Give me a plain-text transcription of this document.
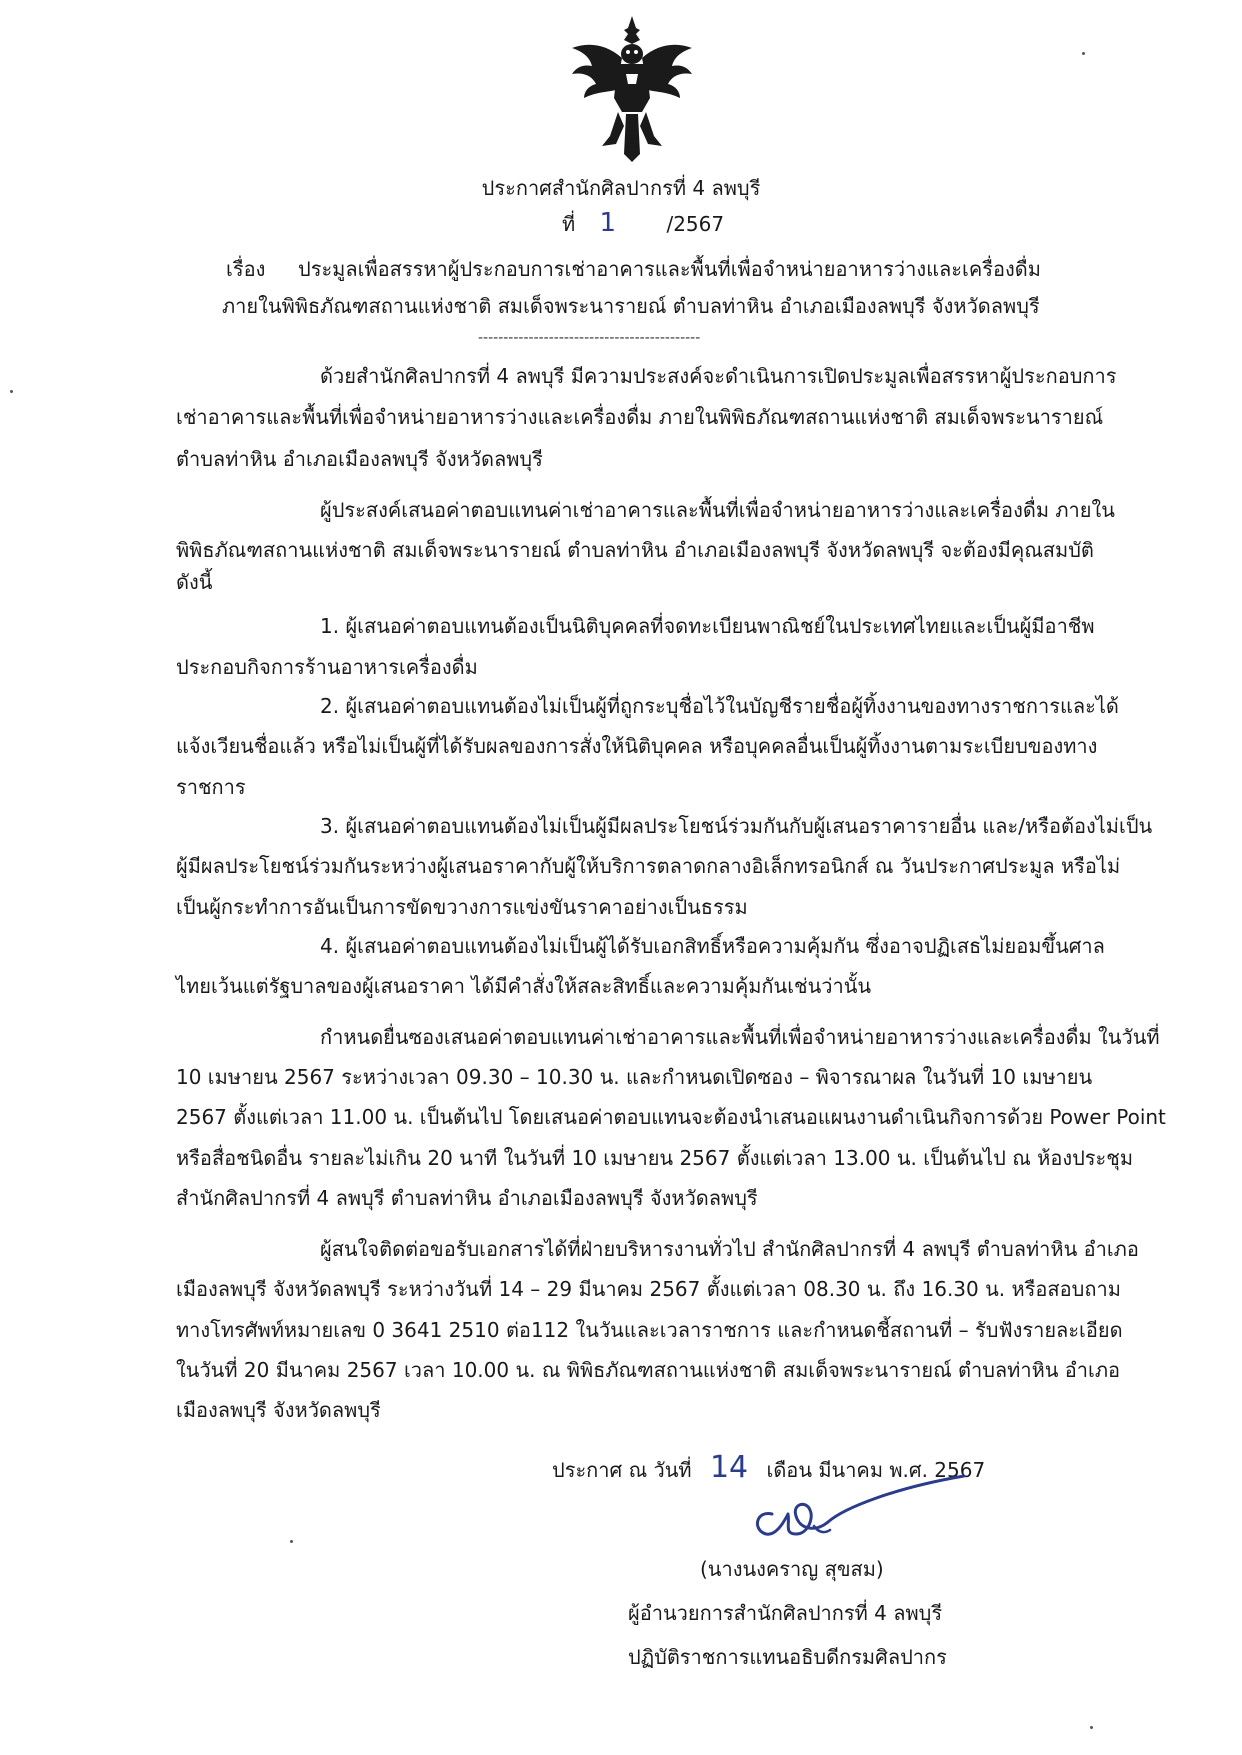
ประกาศสำนักศิลปากรที่ 4 ลพบุรี
ที่ 1	/2567
เรื่อง ประมูลเพื่อสรรหาผู้ประกอบการเช่าอาคารและพื้นที่เพื่อจำหน่ายอาหารว่างและเครื่องดื่ม
ภายในพิพิธภัณฑสถานแห่งชาติ สมเด็จพระนารายณ์ ตำบลท่าหิน อำเภอเมืองลพบุรี จังหวัดลพบุรี
--------------------------------------------
ด้วยสำนักศิลปากรที่ 4 ลพบุรี มีความประสงค์จะดำเนินการเปิดประมูลเพื่อสรรหาผู้ประกอบการ
เช่าอาคารและพื้นที่เพื่อจำหน่ายอาหารว่างและเครื่องดื่ม ภายในพิพิธภัณฑสถานแห่งชาติ สมเด็จพระนารายณ์
ตำบลท่าหิน อำเภอเมืองลพบุรี จังหวัดลพบุรี
ผู้ประสงค์เสนอค่าตอบแทนค่าเช่าอาคารและพื้นที่เพื่อจำหน่ายอาหารว่างและเครื่องดื่ม ภายใน
พิพิธภัณฑสถานแห่งชาติ สมเด็จพระนารายณ์ ตำบลท่าหิน อำเภอเมืองลพบุรี จังหวัดลพบุรี จะต้องมีคุณสมบัติ
ดังนี้
1. ผู้เสนอค่าตอบแทนต้องเป็นนิติบุคคลที่จดทะเบียนพาณิชย์ในประเทศไทยและเป็นผู้มีอาชีพ
ประกอบกิจการร้านอาหารเครื่องดื่ม
2. ผู้เสนอค่าตอบแทนต้องไม่เป็นผู้ที่ถูกระบุชื่อไว้ในบัญชีรายชื่อผู้ทิ้งงานของทางราชการและได้
แจ้งเวียนชื่อแล้ว หรือไม่เป็นผู้ที่ได้รับผลของการสั่งให้นิติบุคคล หรือบุคคลอื่นเป็นผู้ทิ้งงานตามระเบียบของทาง
ราชการ
3. ผู้เสนอค่าตอบแทนต้องไม่เป็นผู้มีผลประโยชน์ร่วมกันกับผู้เสนอราคารายอื่น และ/หรือต้องไม่เป็น
ผู้มีผลประโยชน์ร่วมกันระหว่างผู้เสนอราคากับผู้ให้บริการตลาดกลางอิเล็กทรอนิกส์ ณ วันประกาศประมูล หรือไม่
เป็นผู้กระทำการอันเป็นการขัดขวางการแข่งขันราคาอย่างเป็นธรรม
4. ผู้เสนอค่าตอบแทนต้องไม่เป็นผู้ได้รับเอกสิทธิ์หรือความคุ้มกัน ซึ่งอาจปฏิเสธไม่ยอมขึ้นศาล
ไทยเว้นแต่รัฐบาลของผู้เสนอราคา ได้มีคำสั่งให้สละสิทธิ์และความคุ้มกันเช่นว่านั้น
กำหนดยื่นซองเสนอค่าตอบแทนค่าเช่าอาคารและพื้นที่เพื่อจำหน่ายอาหารว่างและเครื่องดื่ม ในวันที่
10 เมษายน 2567 ระหว่างเวลา 09.30 – 10.30 น. และกำหนดเปิดซอง – พิจารณาผล ในวันที่ 10 เมษายน
2567 ตั้งแต่เวลา 11.00 น. เป็นต้นไป โดยเสนอค่าตอบแทนจะต้องนำเสนอแผนงานดำเนินกิจการด้วย Power Point
หรือสื่อชนิดอื่น รายละไม่เกิน 20 นาที ในวันที่ 10 เมษายน 2567 ตั้งแต่เวลา 13.00 น. เป็นต้นไป ณ ห้องประชุม
สำนักศิลปากรที่ 4 ลพบุรี ตำบลท่าหิน อำเภอเมืองลพบุรี จังหวัดลพบุรี
ผู้สนใจติดต่อขอรับเอกสารได้ที่ฝ่ายบริหารงานทั่วไป สำนักศิลปากรที่ 4 ลพบุรี ตำบลท่าหิน อำเภอ
เมืองลพบุรี จังหวัดลพบุรี ระหว่างวันที่ 14 – 29 มีนาคม 2567 ตั้งแต่เวลา 08.30 น. ถึง 16.30 น. หรือสอบถาม
ทางโทรศัพท์หมายเลข 0 3641 2510 ต่อ112 ในวันและเวลาราชการ และกำหนดชี้สถานที่ – รับฟังรายละเอียด
ในวันที่ 20 มีนาคม 2567 เวลา 10.00 น. ณ พิพิธภัณฑสถานแห่งชาติ สมเด็จพระนารายณ์ ตำบลท่าหิน อำเภอ
เมืองลพบุรี จังหวัดลพบุรี
ประกาศ ณ วันที่ 14 เดือน มีนาคม พ.ศ. 2567
(นางนงคราญ สุขสม)
ผู้อำนวยการสำนักศิลปากรที่ 4 ลพบุรี
ปฏิบัติราชการแทนอธิบดีกรมศิลปากร
